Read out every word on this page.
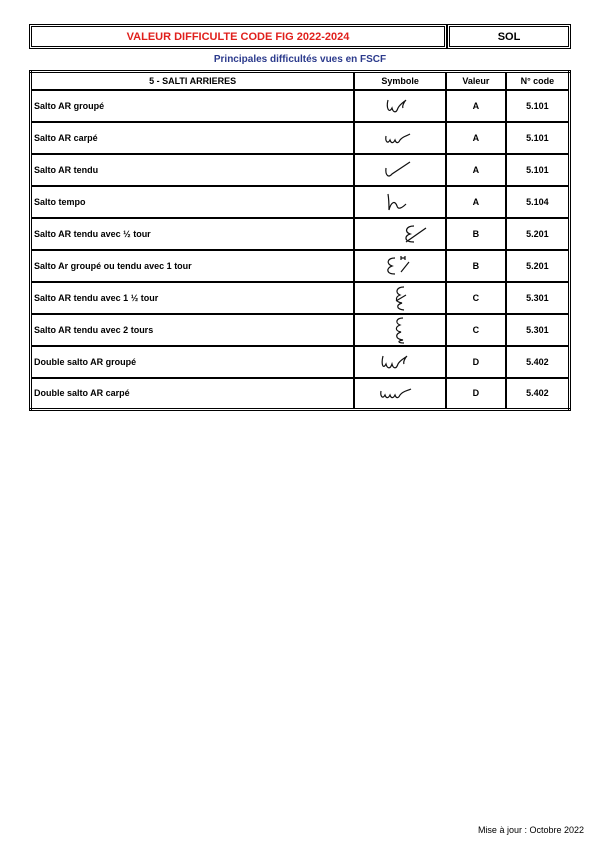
VALEUR DIFFICULTE CODE FIG 2022-2024	SOL
Principales difficultés vues en FSCF
5 - SALTI ARRIERES	Symbole	Valeur	N° code
Salto AR groupé		A	5.101
Salto AR carpé		A	5.101
Salto AR tendu		A	5.101
Salto tempo		A	5.104
Salto AR tendu avec ½ tour		B	5.201
Salto Ar groupé ou tendu avec 1 tour		B	5.201
Salto AR tendu avec 1 ½ tour		C	5.301
Salto AR tendu avec 2 tours		C	5.301
Double salto AR groupé		D	5.402
Double salto AR carpé		D	5.402
Mise à jour : Octobre 2022
